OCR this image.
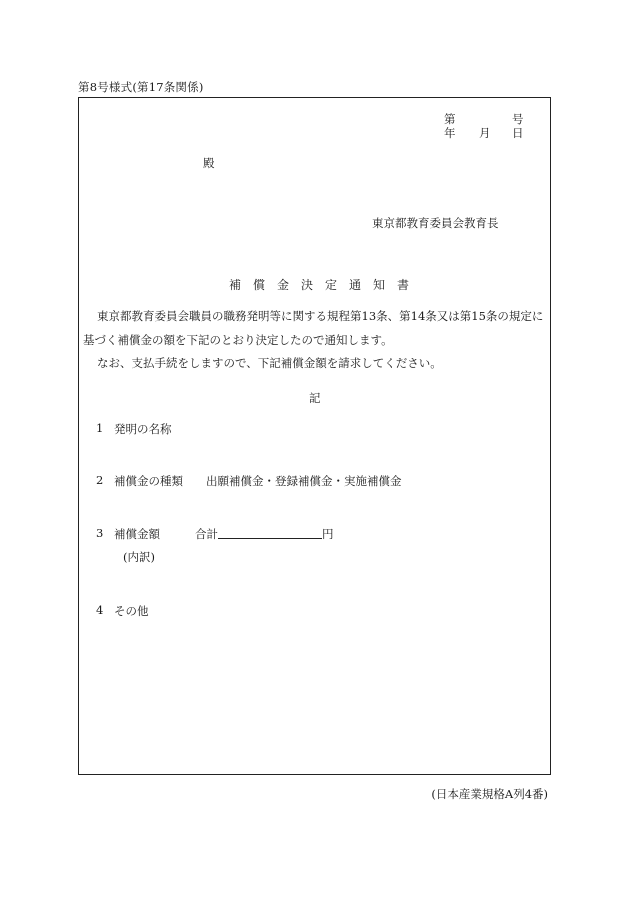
第8号様式(第17条関係)
第	号
年 月 日
殿
東京都教育委員会教育長
補償金決定通知書
東京都教育委員会職員の職務発明等に関する規程第13条、第14条又は第15条の規定に
基づく補償金の額を下記のとおり決定したので通知します。
なお、支払手続をしますので、下記補償金額を請求してください。
記
1 発明の名称
2 補償金の種類 出願補償金・登録補償金・実施補償金
3 補償金額	合計	円
(内訳)
4 その他
(日本産業規格A列4番)
